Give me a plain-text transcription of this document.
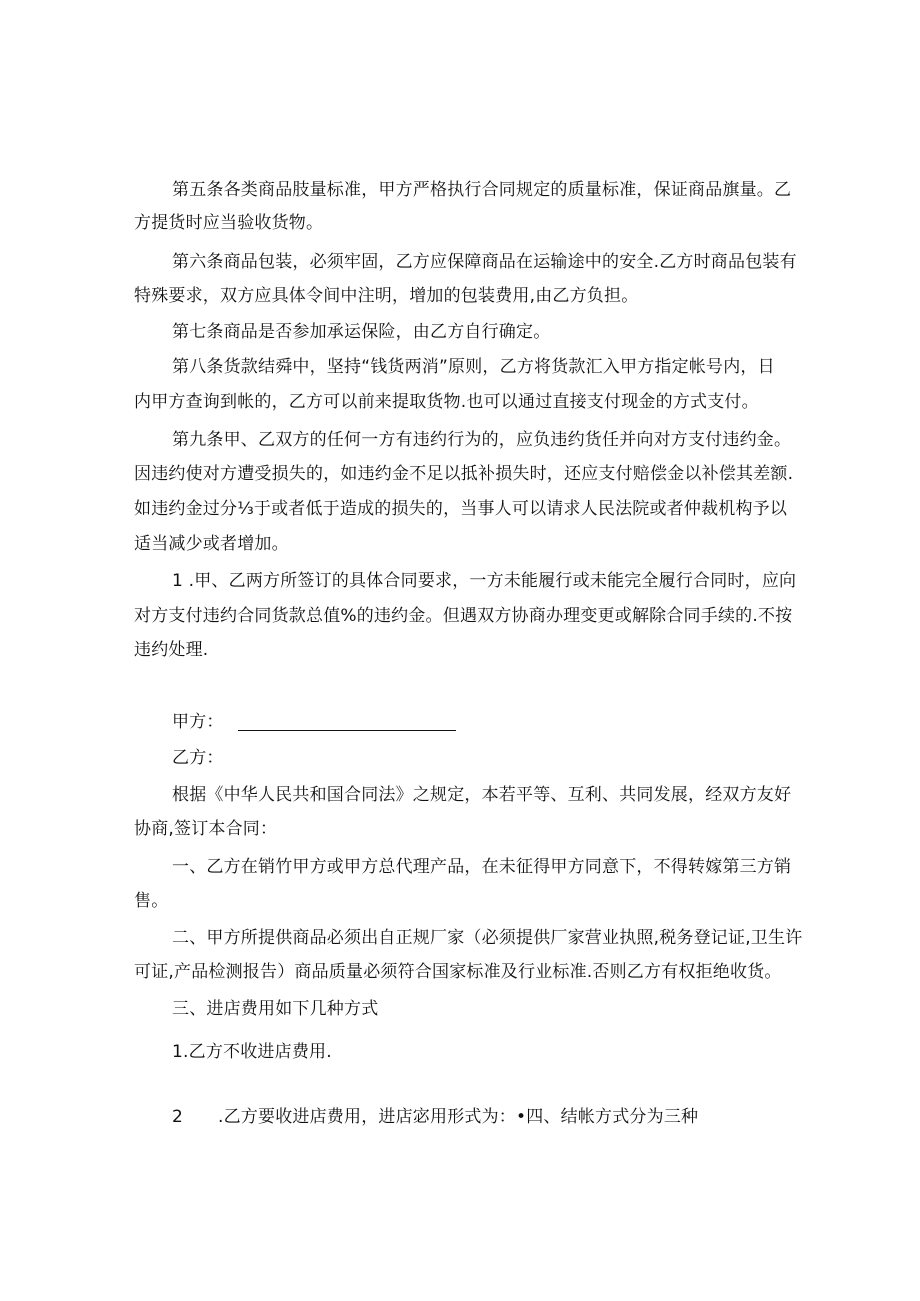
第五条各类商品肢量标准，甲方严格执行合同规定的质量标准，保证商品旗量。乙
方提货时应当验收货物。
第六条商品包装，必须牢固，乙方应保障商品在运输途中的安全.乙方时商品包装有
特殊要求，双方应具体令间中注明，增加的包装费用,由乙方负担。
第七条商品是否参加承运保险，由乙方自行确定。
第八条货款结舜中，坚持“钱货两消”原则，乙方将货款汇入甲方指定帐号内，日
内甲方查询到帐的，乙方可以前来提取货物.也可以通过直接支付现金的方式支付。
第九条甲、乙双方的任何一方有违约行为的，应负违约货任并向对方支付违约金。
因违约使对方遭受损失的，如违约金不足以抵补损失时，还应支付赔偿金以补偿其差额.
如违约金过分⅓于或者低于造成的损失的，当事人可以请求人民法院或者仲裁机构予以
适当减少或者增加。
1 .甲、乙两方所签订的具体合同要求，一方未能履行或未能完全履行合同时，应向
对方支付违约合同货款总值%的违约金。但遇双方协商办理变更或解除合同手续的.不按
违约处理.
甲方：
乙方：
根据《中华人民共和国合同法》之规定，本若平等、互利、共同发展，经双方友好
协商,签订本合同：
一、乙方在销竹甲方或甲方总代理产品，在未征得甲方同意下，不得转嫁第三方销
售。
二、甲方所提供商品必须出自正规厂家（必须提供厂家营业执照,税务登记证,卫生许
可证,产品检测报告）商品质量必须符合国家标准及行业标准.否则乙方有权拒绝收货。
三、进店费用如下几种方式
1.乙方不收进店费用.
2 .乙方要收进店费用，进店宓用形式为：•四、结帐方式分为三种
